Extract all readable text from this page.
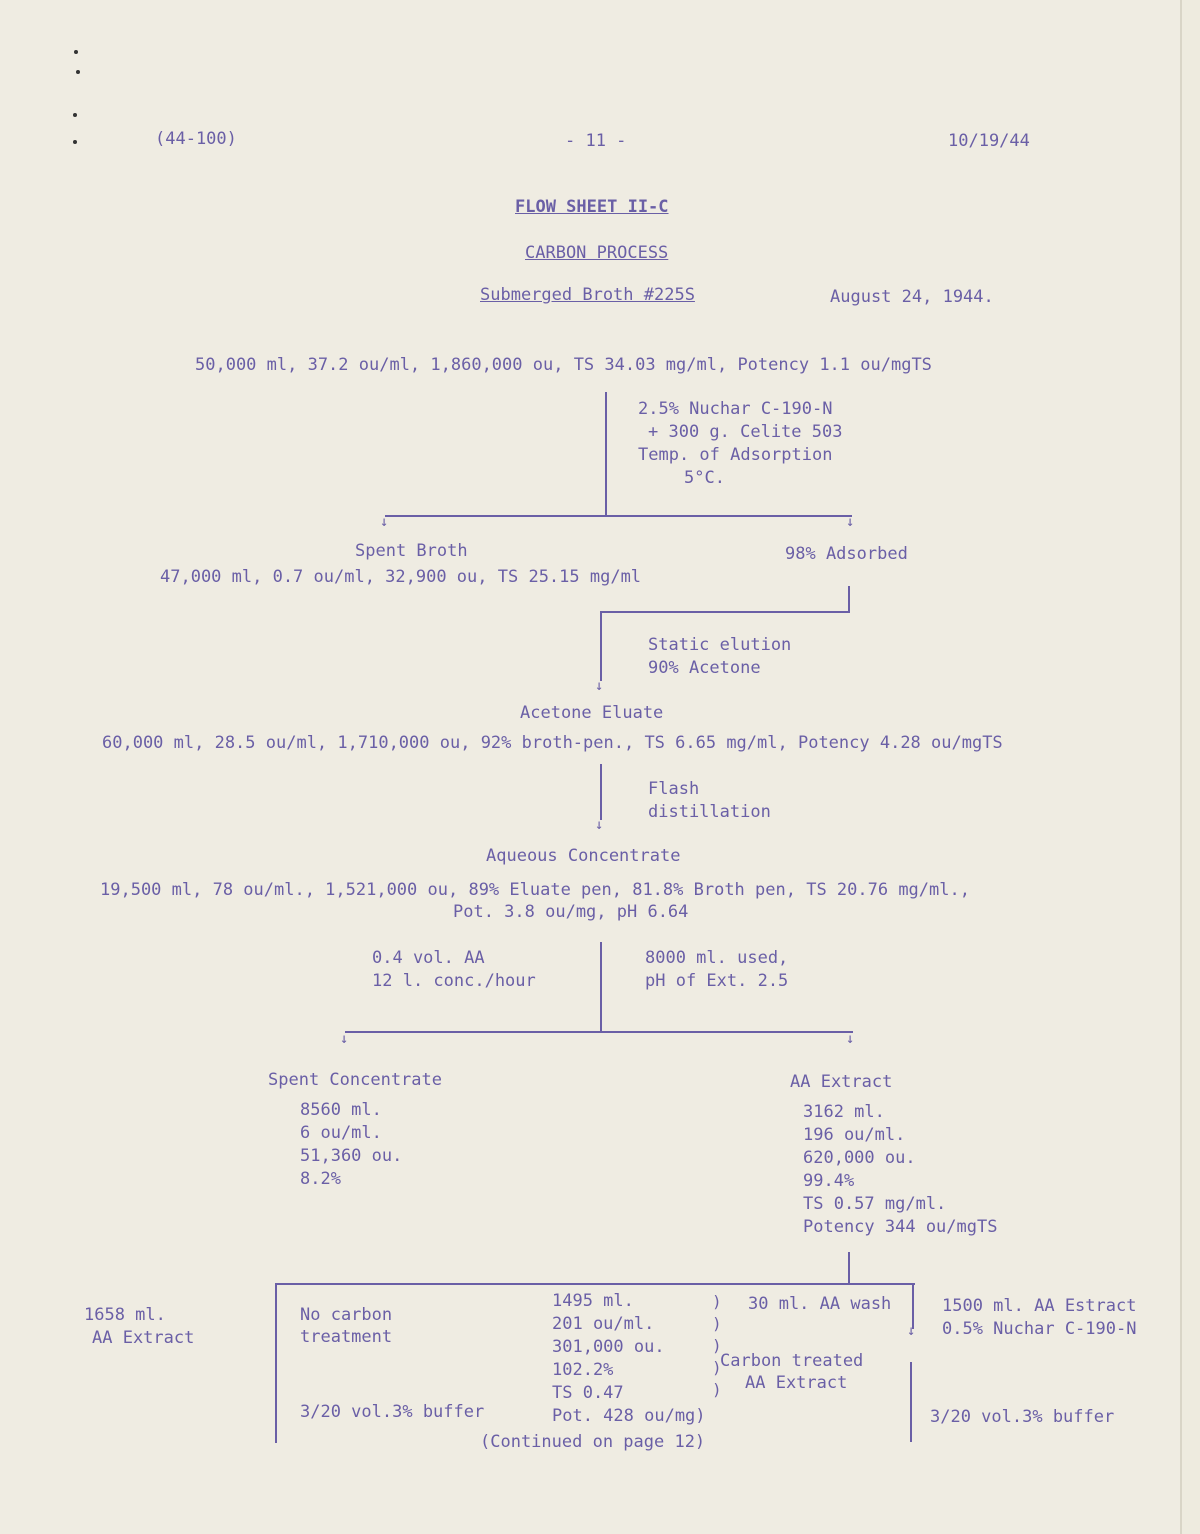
(44-100)	- 11 -	10/19/44
FLOW SHEET II-C
CARBON PROCESS
Submerged Broth #225S	August 24, 1944.
50,000 ml, 37.2 ou/ml, 1,860,000 ou, TS 34.03 mg/ml, Potency 1.1 ou/mgTS
2.5% Nuchar C-190-N
+ 300 g. Celite 503
Temp. of Adsorption
5°C.
↓	↓
Spent Broth
47,000 ml, 0.7 ou/ml, 32,900 ou, TS 25.15 mg/ml
98% Adsorbed
↓
Static elution
90% Acetone
Acetone Eluate
60,000 ml, 28.5 ou/ml, 1,710,000 ou, 92% broth-pen., TS 6.65 mg/ml, Potency 4.28 ou/mgTS
↓
Flash
distillation
Aqueous Concentrate
19,500 ml, 78 ou/ml., 1,521,000 ou, 89% Eluate pen, 81.8% Broth pen, TS 20.76 mg/ml.,
Pot. 3.8 ou/mg, pH 6.64
0.4 vol. AA
12 l. conc./hour
8000 ml. used,
pH of Ext. 2.5
↓	↓
Spent Concentrate
8560 ml.
6 ou/ml.
51,360 ou.
8.2%
AA Extract
3162 ml.
196 ou/ml.
620,000 ou.
99.4%
TS 0.57 mg/ml.
Potency 344 ou/mgTS
↓
1658 ml.
AA Extract
No carbon
treatment
3/20 vol.3% buffer
1495 ml.
201 ou/ml.
301,000 ou.
102.2%
TS 0.47
Pot. 428 ou/mg)
)
)
)
)
)
30 ml. AA wash
Carbon treated
AA Extract
1500 ml. AA Estract
0.5% Nuchar C-190-N
3/20 vol.3% buffer
(Continued on page 12)
